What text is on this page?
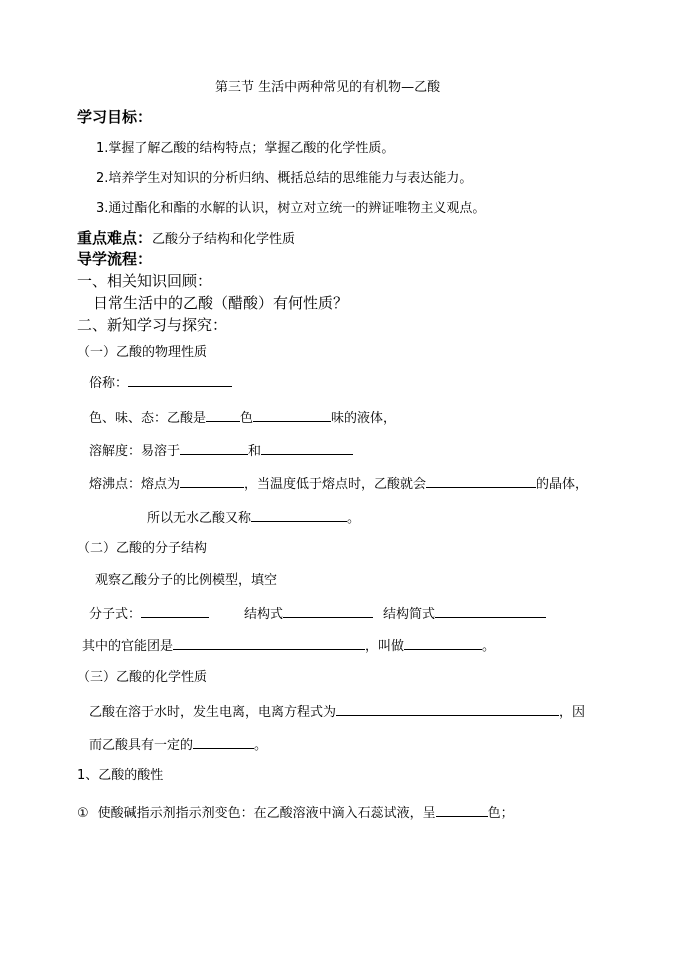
第三节 生活中两种常见的有机物—乙酸
学习目标：
1.掌握了解乙酸的结构特点；掌握乙酸的化学性质。
2.培养学生对知识的分析归纳、概括总结的思维能力与表达能力。
3.通过酯化和酯的水解的认识，树立对立统一的辨证唯物主义观点。
重点难点：乙酸分子结构和化学性质
导学流程：
一、相关知识回顾：
日常生活中的乙酸（醋酸）有何性质？
二、新知学习与探究：
（一）乙酸的物理性质
俗称：
色、味、态：乙酸是	色	味的液体，
溶解度：易溶于	和
熔沸点：熔点为	，当温度低于熔点时，乙酸就会	的晶体，
所以无水乙酸又称	。
（二）乙酸的分子结构
观察乙酸分子的比例模型，填空
分子式：	结构式	结构简式
其中的官能团是	，叫做	。
（三）乙酸的化学性质
乙酸在溶于水时，发生电离，电离方程式为	，因
而乙酸具有一定的	。
1、乙酸的酸性
① 使酸碱指示剂指示剂变色：在乙酸溶液中滴入石蕊试液，呈	色；
